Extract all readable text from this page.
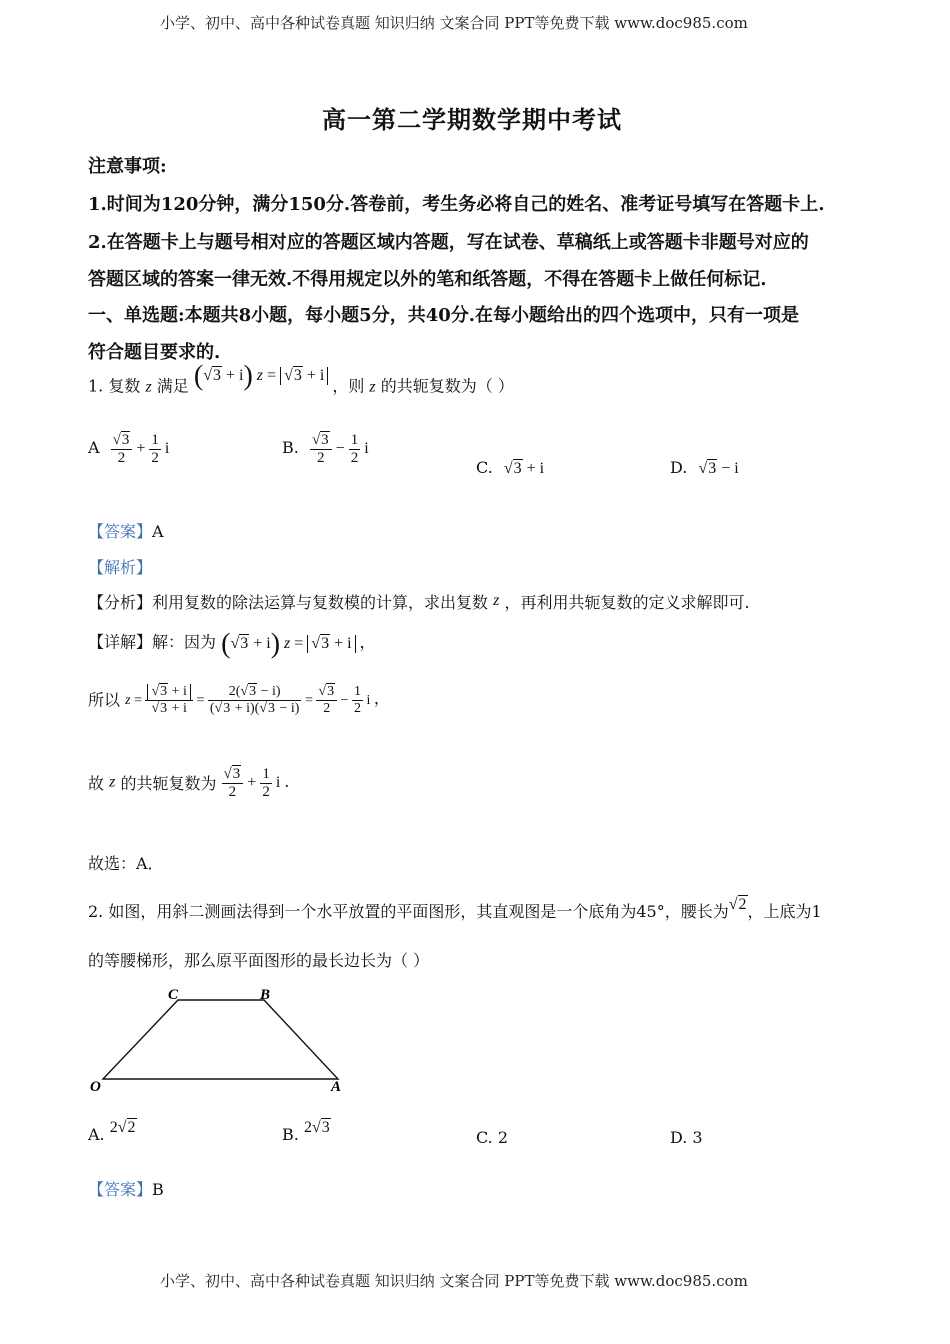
小学、初中、高中各种试卷真题 知识归纳 文案合同 PPT等免费下载 www.doc985.com
高一第二学期数学期中考试
注意事项:
1.时间为120分钟，满分150分.答卷前，考生务必将自己的姓名、准考证号填写在答题卡上.
2.在答题卡上与题号相对应的答题区域内答题，写在试卷、草稿纸上或答题卡非题号对应的
答题区域的答案一律无效.不得用规定以外的笔和纸答题，不得在答题卡上做任何标记.
一、单选题:本题共8小题，每小题5分，共40分.在每小题给出的四个选项中，只有一项是
符合题目要求的.
1. 复数 z 满足 (√3 + i) z = √3 + i ，则 z 的共轭复数为（ ）
A $\frac{√3}{2} + \frac{1}{2}$ i	B. $\frac{√3}{2} - \frac{1}{2}$ i
C. √3 + i	D. √3 − i
【答案】A
【解析】
【分析】利用复数的除法运算与复数模的计算，求出复数 z ，再利用共轭复数的定义求解即可.
【详解】解：因为 (√3 + i) z = √3 + i ，
所以 $z = \frac{√3 + i}{√3 + i} = \frac{2(√3 - i)}{(√3 + i)(√3 - i)} = \frac{√3}{2} - \frac{1}{2}$ i ，
故 z 的共轭复数为 $\frac{√3}{2} + \frac{1}{2}$ i .
故选：A．
2. 如图，用斜二测画法得到一个水平放置的平面图形，其直观图是一个底角为45°，腰长为√2，上底为1
的等腰梯形，那么原平面图形的最长边长为（ ）
C	B
O	A
A. 2√2	B. 2√3
C. 2	D. 3
【答案】B
小学、初中、高中各种试卷真题 知识归纳 文案合同 PPT等免费下载 www.doc985.com
